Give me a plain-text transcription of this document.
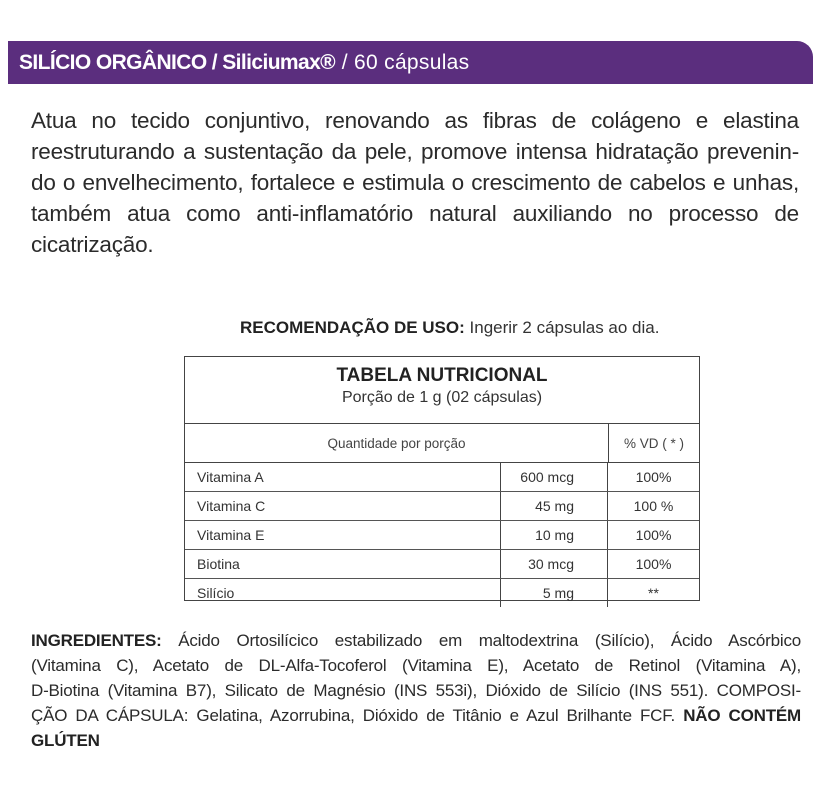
SILÍCIO ORGÂNICO / Siliciumax ® / 60 cápsulas
Atua no tecido conjuntivo, renovando as fibras de colágeno e elastina
reestruturando a sustentação da pele, promove intensa hidratação prevenin-
do o envelhecimento, fortalece e estimula o crescimento de cabelos e unhas,
também atua como anti-inflamatório natural auxiliando no processo de
cicatrização.
RECOMENDAÇÃO DE USO: Ingerir 2 cápsulas ao dia.
TABELA NUTRICIONAL
Porção de 1 g (02 cápsulas)
Quantidade por porção	% VD ( * )
Vitamina A	600 mcg	100%
Vitamina C	45 mg	100 %
Vitamina E	10 mg	100%
Biotina	30 mcg	100%
Silício	5 mg	**
INGREDIENTES: Ácido Ortosilícico estabilizado em maltodextrina (Silício), Ácido Ascórbico
(Vitamina C), Acetato de DL-Alfa-Tocoferol (Vitamina E), Acetato de Retinol (Vitamina A),
D-Biotina (Vitamina B7), Silicato de Magnésio (INS 553i), Dióxido de Silício (INS 551). COMPOSI-
ÇÃO DA CÁPSULA: Gelatina, Azorrubina, Dióxido de Titânio e Azul Brilhante FCF. NÃO CONTÉM
GLÚTEN
